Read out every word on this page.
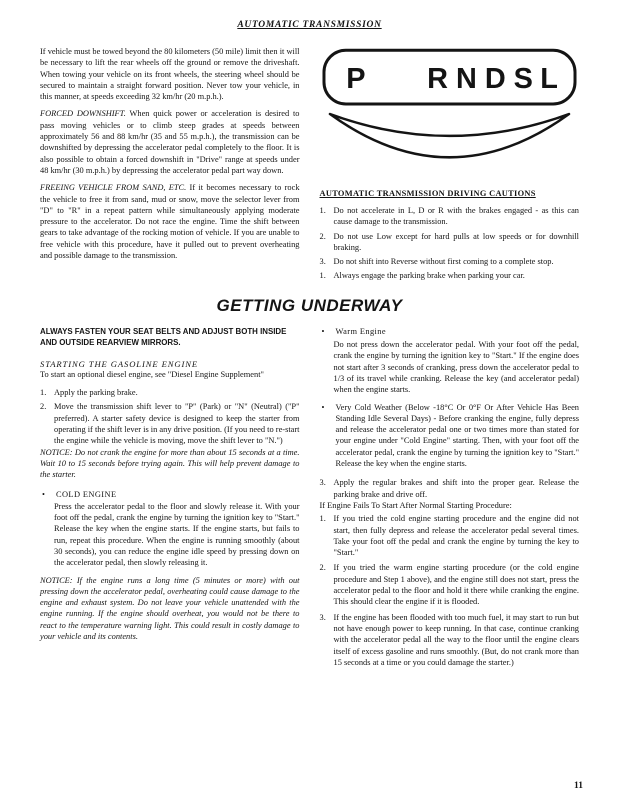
AUTOMATIC TRANSMISSION

If vehicle must be towed beyond the 80 kilometers (50 mile) limit then it will be necessary to lift the rear wheels off the ground or remove the driveshaft. When towing your vehicle on its front wheels, the steering wheel should be secured to maintain a straight forward position. Never tow your vehicle, in this manner, at speeds exceeding 32 km/hr (20 m.p.h.).

FORCED DOWNSHIFT. When quick power or acceleration is desired to pass moving vehicles or to climb steep grades at speeds between approximately 56 and 88 km/hr (35 and 55 m.p.h.), the transmission can be downshifted by depressing the accelerator pedal completely to the floor. It is also possible to obtain a forced downshift in "Drive" range at speeds under 48 km/hr (30 m.p.h.) by depressing the accelerator pedal part way down.

FREEING VEHICLE FROM SAND, ETC. If it becomes necessary to rock the vehicle to free it from sand, mud or snow, move the selector lever from "D" to "R" in a repeat pattern while simultaneously applying moderate pressure to the accelerator. Do not race the engine. Time the shift between gears to take advantage of the rocking motion of vehicle. If you are unable to free vehicle with this procedure, have it pulled out to prevent overheating and possible damage to the transmission.

P R N D S L
AUTOMATIC TRANSMISSION DRIVING CAUTIONS
1. Do not accelerate in L, D or R with the brakes engaged - as this can cause damage to the transmission.
2. Do not use Low except for hard pulls at low speeds or for downhill braking.
3. Do not shift into Reverse without first coming to a complete stop.
1. Always engage the parking brake when parking your car.
GETTING UNDERWAY
ALWAYS FASTEN YOUR SEAT BELTS AND ADJUST BOTH INSIDE AND OUTSIDE REARVIEW MIRRORS.
STARTING THE GASOLINE ENGINE

To start an optional diesel engine, see "Diesel Engine Supplement"

1. Apply the parking brake.
2. Move the transmission shift lever to "P" (Park) or "N" (Neutral) ("P" preferred). A starter safety device is designed to keep the starter from operating if the shift lever is in any drive position. (If you need to re-start the engine while the vehicle is moving, move the shift lever to "N.")

NOTICE: Do not crank the engine for more than about 15 seconds at a time. Wait 10 to 15 seconds before trying again. This will help prevent damage to the starter.

•	COLD ENGINE

Press the accelerator pedal to the floor and slowly release it. With your foot off the pedal, crank the engine by turning the ignition key to "Start." Release the key when the engine starts. If the engine starts, but fails to run, repeat this procedure. When the engine is running smoothly (about 30 seconds), you can reduce the engine idle speed by pressing down on the accelerator pedal, then slowly releasing it.

NOTICE: If the engine runs a long time (5 minutes or more) with out pressing down the accelerator pedal, overheating could cause damage to the engine and exhaust system. Do not leave your vehicle unattended with the engine running. If the engine should overheat, you would not be there to react to the temperature warning light. This could result in costly damage to your vehicle and its contents.

•	Warm Engine

Do not press down the accelerator pedal. With your foot off the pedal, crank the engine by turning the ignition key to "Start." If the engine does not start after 3 seconds of cranking, press down the accelerator pedal to 1/3 of its travel while cranking. Release the key (and accelerator pedal) when the engine starts.

•	Very Cold Weather (Below -18°C Or 0°F Or After Vehicle Has Been Standing Idle Several Days) - Before cranking the engine, fully depress and release the accelerator pedal one or two times more than stated for your engine under "Cold Engine" starting. Then, with your foot off the accelerator pedal, crank the engine by turning the ignition key to "Start." Release the key when the engine starts.
3. Apply the regular brakes and shift into the proper gear. Release the parking brake and drive off.

If Engine Fails To Start After Normal Starting Procedure:

1. If you tried the cold engine starting procedure and the engine did not start, then fully depress and release the accelerator pedal several times. Take your foot off the pedal and crank the engine by turning the key to "Start."
2. If you tried the warm engine starting procedure (or the cold engine procedure and Step 1 above), and the engine still does not start, press the accelerator pedal to the floor and hold it there while cranking the engine. This should clear the engine if it is flooded.
3. If the engine has been flooded with too much fuel, it may start to run but not have enough power to keep running. In that case, continue cranking with the accelerator pedal all the way to the floor until the engine clears itself of excess gasoline and runs smoothly. (But, do not crank more than 15 seconds at a time or you could damage the starter.)
11
